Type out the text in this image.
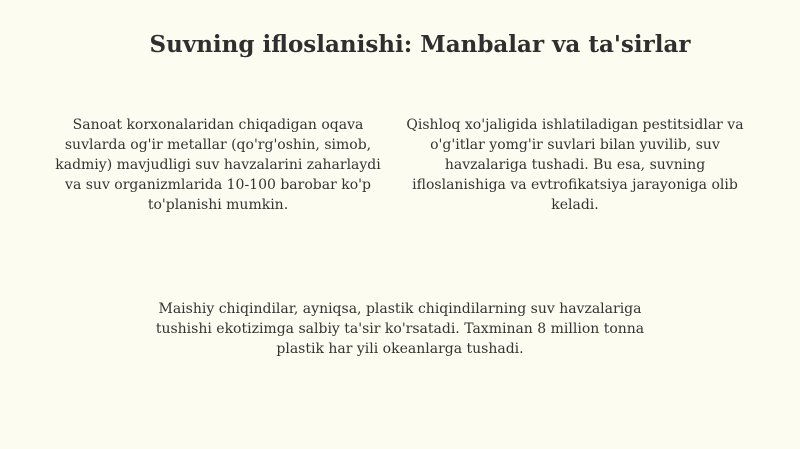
Suvning ifloslanishi: Manbalar va ta'sirlar

Sanoat korxonalaridan chiqadigan oqava suvlarda og'ir metallar (qo'rg'oshin, simob, kadmiy) mavjudligi suv havzalarini zaharlaydi va suv organizmlarida 10-100 barobar ko'p to'planishi mumkin.

Qishloq xo'jaligida ishlatiladigan pestitsidlar va o'g'itlar yomg'ir suvlari bilan yuvilib, suv havzalariga tushadi. Bu esa, suvning ifloslanishiga va evtrofikatsiya jarayoniga olib keladi.

Maishiy chiqindilar, ayniqsa, plastik chiqindilarning suv havzalariga tushishi ekotizimga salbiy ta'sir ko'rsatadi. Taxminan 8 million tonna plastik har yili okeanlarga tushadi.
